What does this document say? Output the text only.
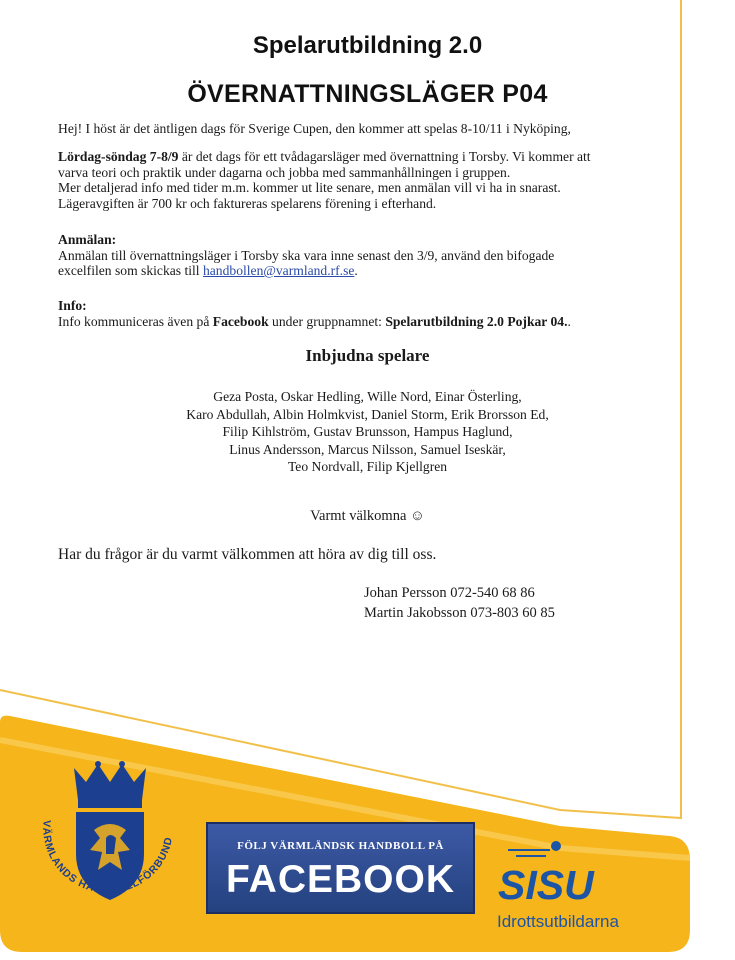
Spelarutbildning 2.0
ÖVERNATTNINGSLÄGER P04
Hej! I höst är det äntligen dags för Sverige Cupen, den kommer att spelas 8-10/11 i Nyköping,
Lördag-söndag 7-8/9 är det dags för ett tvådagarsläger med övernattning i Torsby. Vi kommer att
varva teori och praktik under dagarna och jobba med sammanhållningen i gruppen.
Mer detaljerad info med tider m.m. kommer ut lite senare, men anmälan vill vi ha in snarast.
Lägeravgiften är 700 kr och faktureras spelarens förening i efterhand.
Anmälan:
Anmälan till övernattningsläger i Torsby ska vara inne senast den 3/9, använd den bifogade
excelfilen som skickas till handbollen@varmland.rf.se.
Info:
Info kommuniceras även på Facebook under gruppnamnet: Spelarutbildning 2.0 Pojkar 04..
Inbjudna spelare
Geza Posta, Oskar Hedling, Wille Nord, Einar Österling,
Karo Abdullah, Albin Holmkvist, Daniel Storm, Erik Brorsson Ed,
Filip Kihlström, Gustav Brunsson, Hampus Haglund,
Linus Andersson, Marcus Nilsson, Samuel Iseskär,
Teo Nordvall, Filip Kjellgren
Varmt välkomna ☺
Har du frågor är du varmt välkommen att höra av dig till oss.
Johan Persson 072-540 68 86
Martin Jakobsson 073-803 60 85
VÄRMLANDS HANDBOLLFÖRBUND	FÖLJ VÄRMLÄNDSK HANDBOLL PÅ
FACEBOOK	SISU
Idrottsutbildarna
